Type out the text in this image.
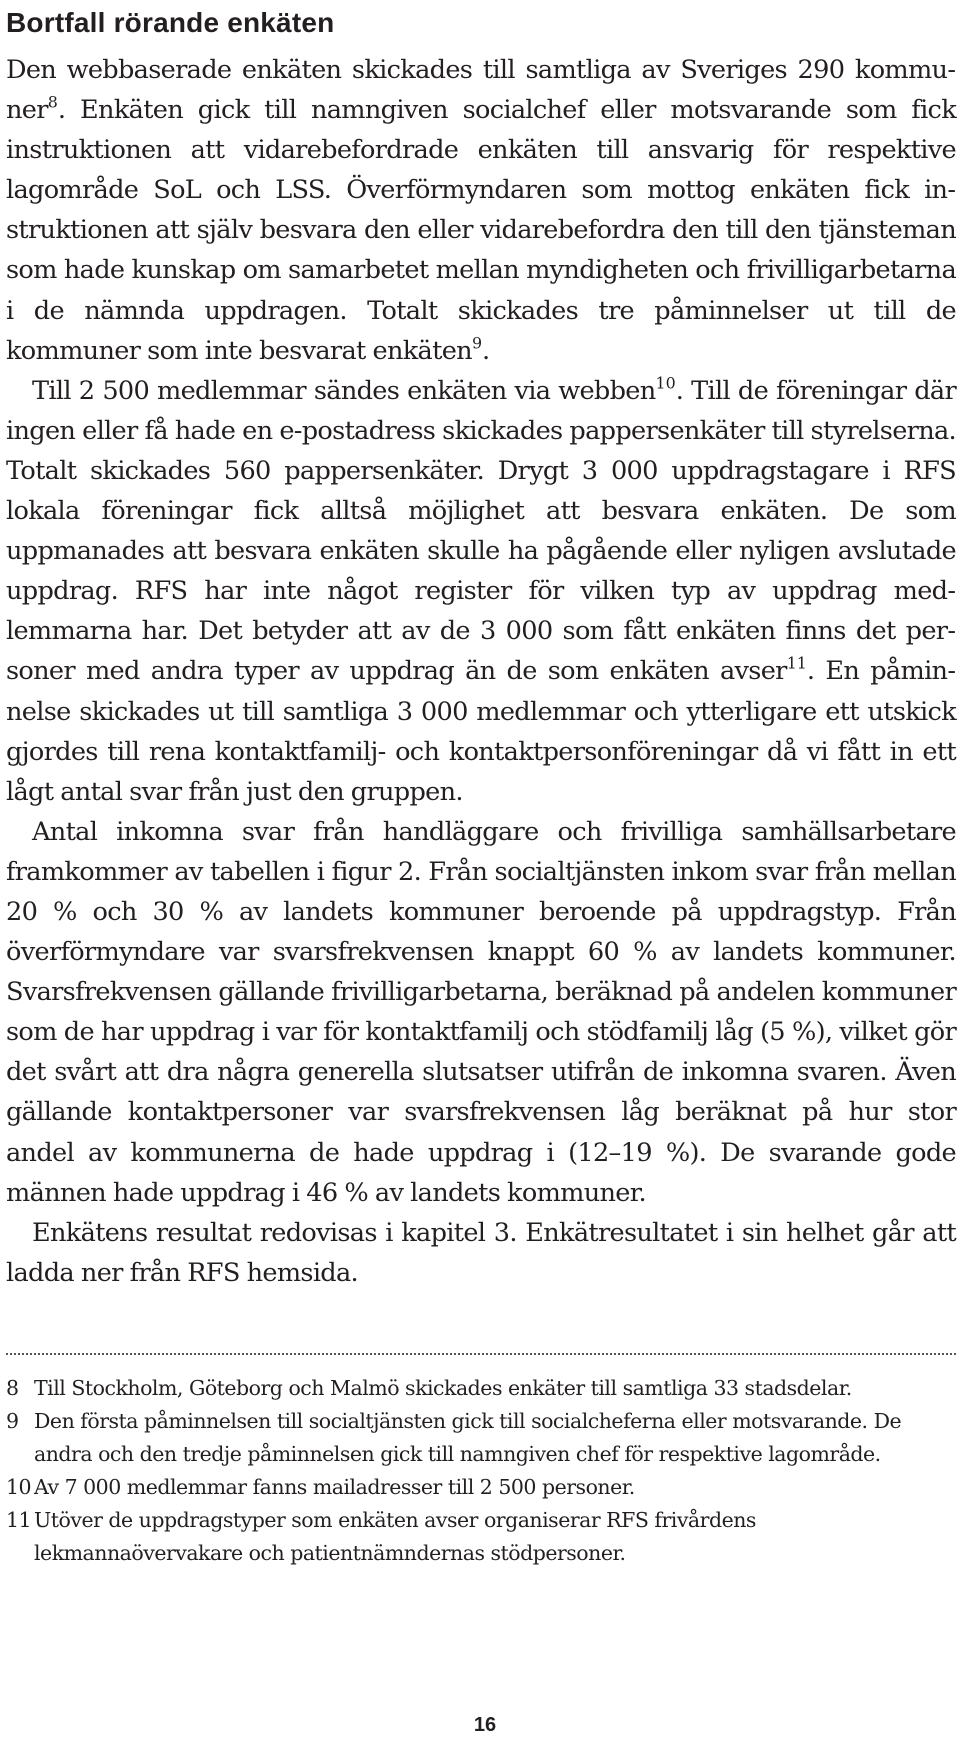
Bortfall rörande enkäten

Den webbaserade enkäten skickades till samtliga av Sveriges 290 kommuner$^8$. Enkäten gick till namngiven socialchef eller motsvarande som fick instruktionen att vidarebefordrade enkäten till ansvarig för respektive lagområde SoL och LSS. Överförmyndaren som mottog enkäten fick instruktionen att själv besvara den eller vidarebefordra den till den tjänsteman som hade kunskap om samarbetet mellan myndigheten och frivilligarbetarna i de nämnda uppdragen. Totalt skickades tre påminnelser ut till de kommuner som inte besvarat enkäten$^9$.

Till 2 500 medlemmar sändes enkäten via webben$^{10}$. Till de föreningar där ingen eller få hade en e-postadress skickades pappersenkäter till styrelserna. Totalt skickades 560 pappersenkäter. Drygt 3 000 uppdragstagare i RFS lokala föreningar fick alltså möjlighet att besvara enkäten. De som uppmanades att besvara enkäten skulle ha pågående eller nyligen avslutade uppdrag. RFS har inte något register för vilken typ av uppdrag medlemmarna har. Det betyder att av de 3 000 som fått enkäten finns det personer med andra typer av uppdrag än de som enkäten avser$^{11}$. En påminnelse skickades ut till samtliga 3 000 medlemmar och ytterligare ett utskick gjordes till rena kontaktfamilj- och kontaktpersonföreningar då vi fått in ett lågt antal svar från just den gruppen.

Antal inkomna svar från handläggare och frivilliga samhällsarbetare framkommer av tabellen i figur 2. Från socialtjänsten inkom svar från mellan 20 % och 30 % av landets kommuner beroende på uppdragstyp. Från överförmyndare var svarsfrekvensen knappt 60 % av landets kommuner. Svarsfrekvensen gällande frivilligarbetarna, beräknad på andelen kommuner som de har uppdrag i var för kontaktfamilj och stödfamilj låg (5 %), vilket gör det svårt att dra några generella slutsatser utifrån de inkomna svaren. Även gällande kontaktpersoner var svarsfrekvensen låg beräknat på hur stor andel av kommunerna de hade uppdrag i (12–19 %). De svarande gode männen hade uppdrag i 46 % av landets kommuner.

Enkätens resultat redovisas i kapitel 3. Enkätresultatet i sin helhet går att ladda ner från RFS hemsida.

8 Till Stockholm, Göteborg och Malmö skickades enkäter till samtliga 33 stadsdelar.
9 Den första påminnelsen till socialtjänsten gick till socialcheferna eller motsvarande. De andra och den tredje påminnelsen gick till namngiven chef för respektive lagområde.
10 Av 7 000 medlemmar fanns mailadresser till 2 500 personer.
11 Utöver de uppdragstyper som enkäten avser organiserar RFS frivårdens lekmannaövervakare och patientnämndernas stödpersoner.
16
